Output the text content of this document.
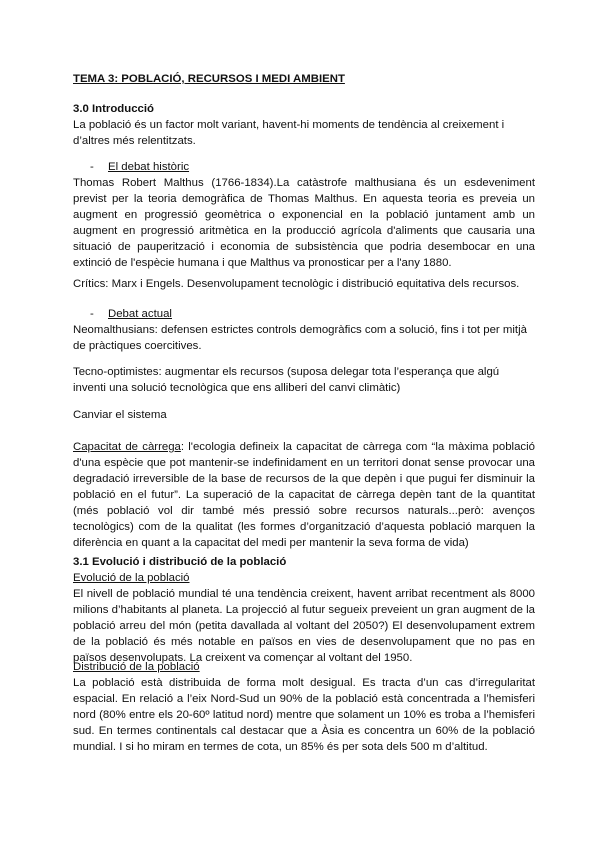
TEMA 3: POBLACIÓ, RECURSOS I MEDI AMBIENT
3.0 Introducció

La població és un factor molt variant, havent-hi moments de tendència al creixement i d’altres més relentitzats.

- El debat històric

Thomas Robert Malthus (1766-1834).La catàstrofe malthusiana és un esdeveniment previst per la teoria demogràfica de Thomas Malthus. En aquesta teoria es preveia un augment en progressió geomètrica o exponencial en la població juntament amb un augment en progressió aritmètica en la producció agrícola d'aliments que causaria una situació de pauperització i economia de subsistència que podria desembocar en una extinció de l'espècie humana i que Malthus va pronosticar per a l'any 1880.

Crítics: Marx i Engels. Desenvolupament tecnològic i distribució equitativa dels recursos.

- Debat actual

Neomalthusians: defensen estrictes controls demogràfics com a solució, fins i tot per mitjà de pràctiques coercitives.

Tecno-optimistes: augmentar els recursos (suposa delegar tota l’esperança que algú inventi una solució tecnològica que ens alliberi del canvi climàtic)

Canviar el sistema

Capacitat de càrrega: l'ecologia defineix la capacitat de càrrega com “la màxima població d'una espècie que pot mantenir-se indefinidament en un territori donat sense provocar una degradació irreversible de la base de recursos de la que depèn i que pugui fer disminuir la població en el futur”. La superació de la capacitat de càrrega depèn tant de la quantitat (més població vol dir també més pressió sobre recursos naturals...però: avenços tecnològics) com de la qualitat (les formes d’organització d’aquesta població marquen la diferència en quant a la capacitat del medi per mantenir la seva forma de vida)

3.1 Evolució i distribució de la població
Evolució de la població

El nivell de població mundial té una tendència creixent, havent arribat recentment als 8000 milions d’habitants al planeta. La projecció al futur segueix preveient un gran augment de la població arreu del món (petita davallada al voltant del 2050?) El desenvolupament extrem de la població és més notable en països en vies de desenvolupament que no pas en països desenvolupats. La creixent va començar al voltant del 1950.

Distribució de la població

La població està distribuida de forma molt desigual. Es tracta d’un cas d’irregularitat espacial. En relació a l’eix Nord-Sud un 90% de la població està concentrada a l’hemisferi nord (80% entre els 20-60º latitud nord) mentre que solament un 10% es troba a l’hemisferi sud. En termes continentals cal destacar que a Àsia es concentra un 60% de la població mundial. I si ho miram en termes de cota, un 85% és per sota dels 500 m d’altitud.
